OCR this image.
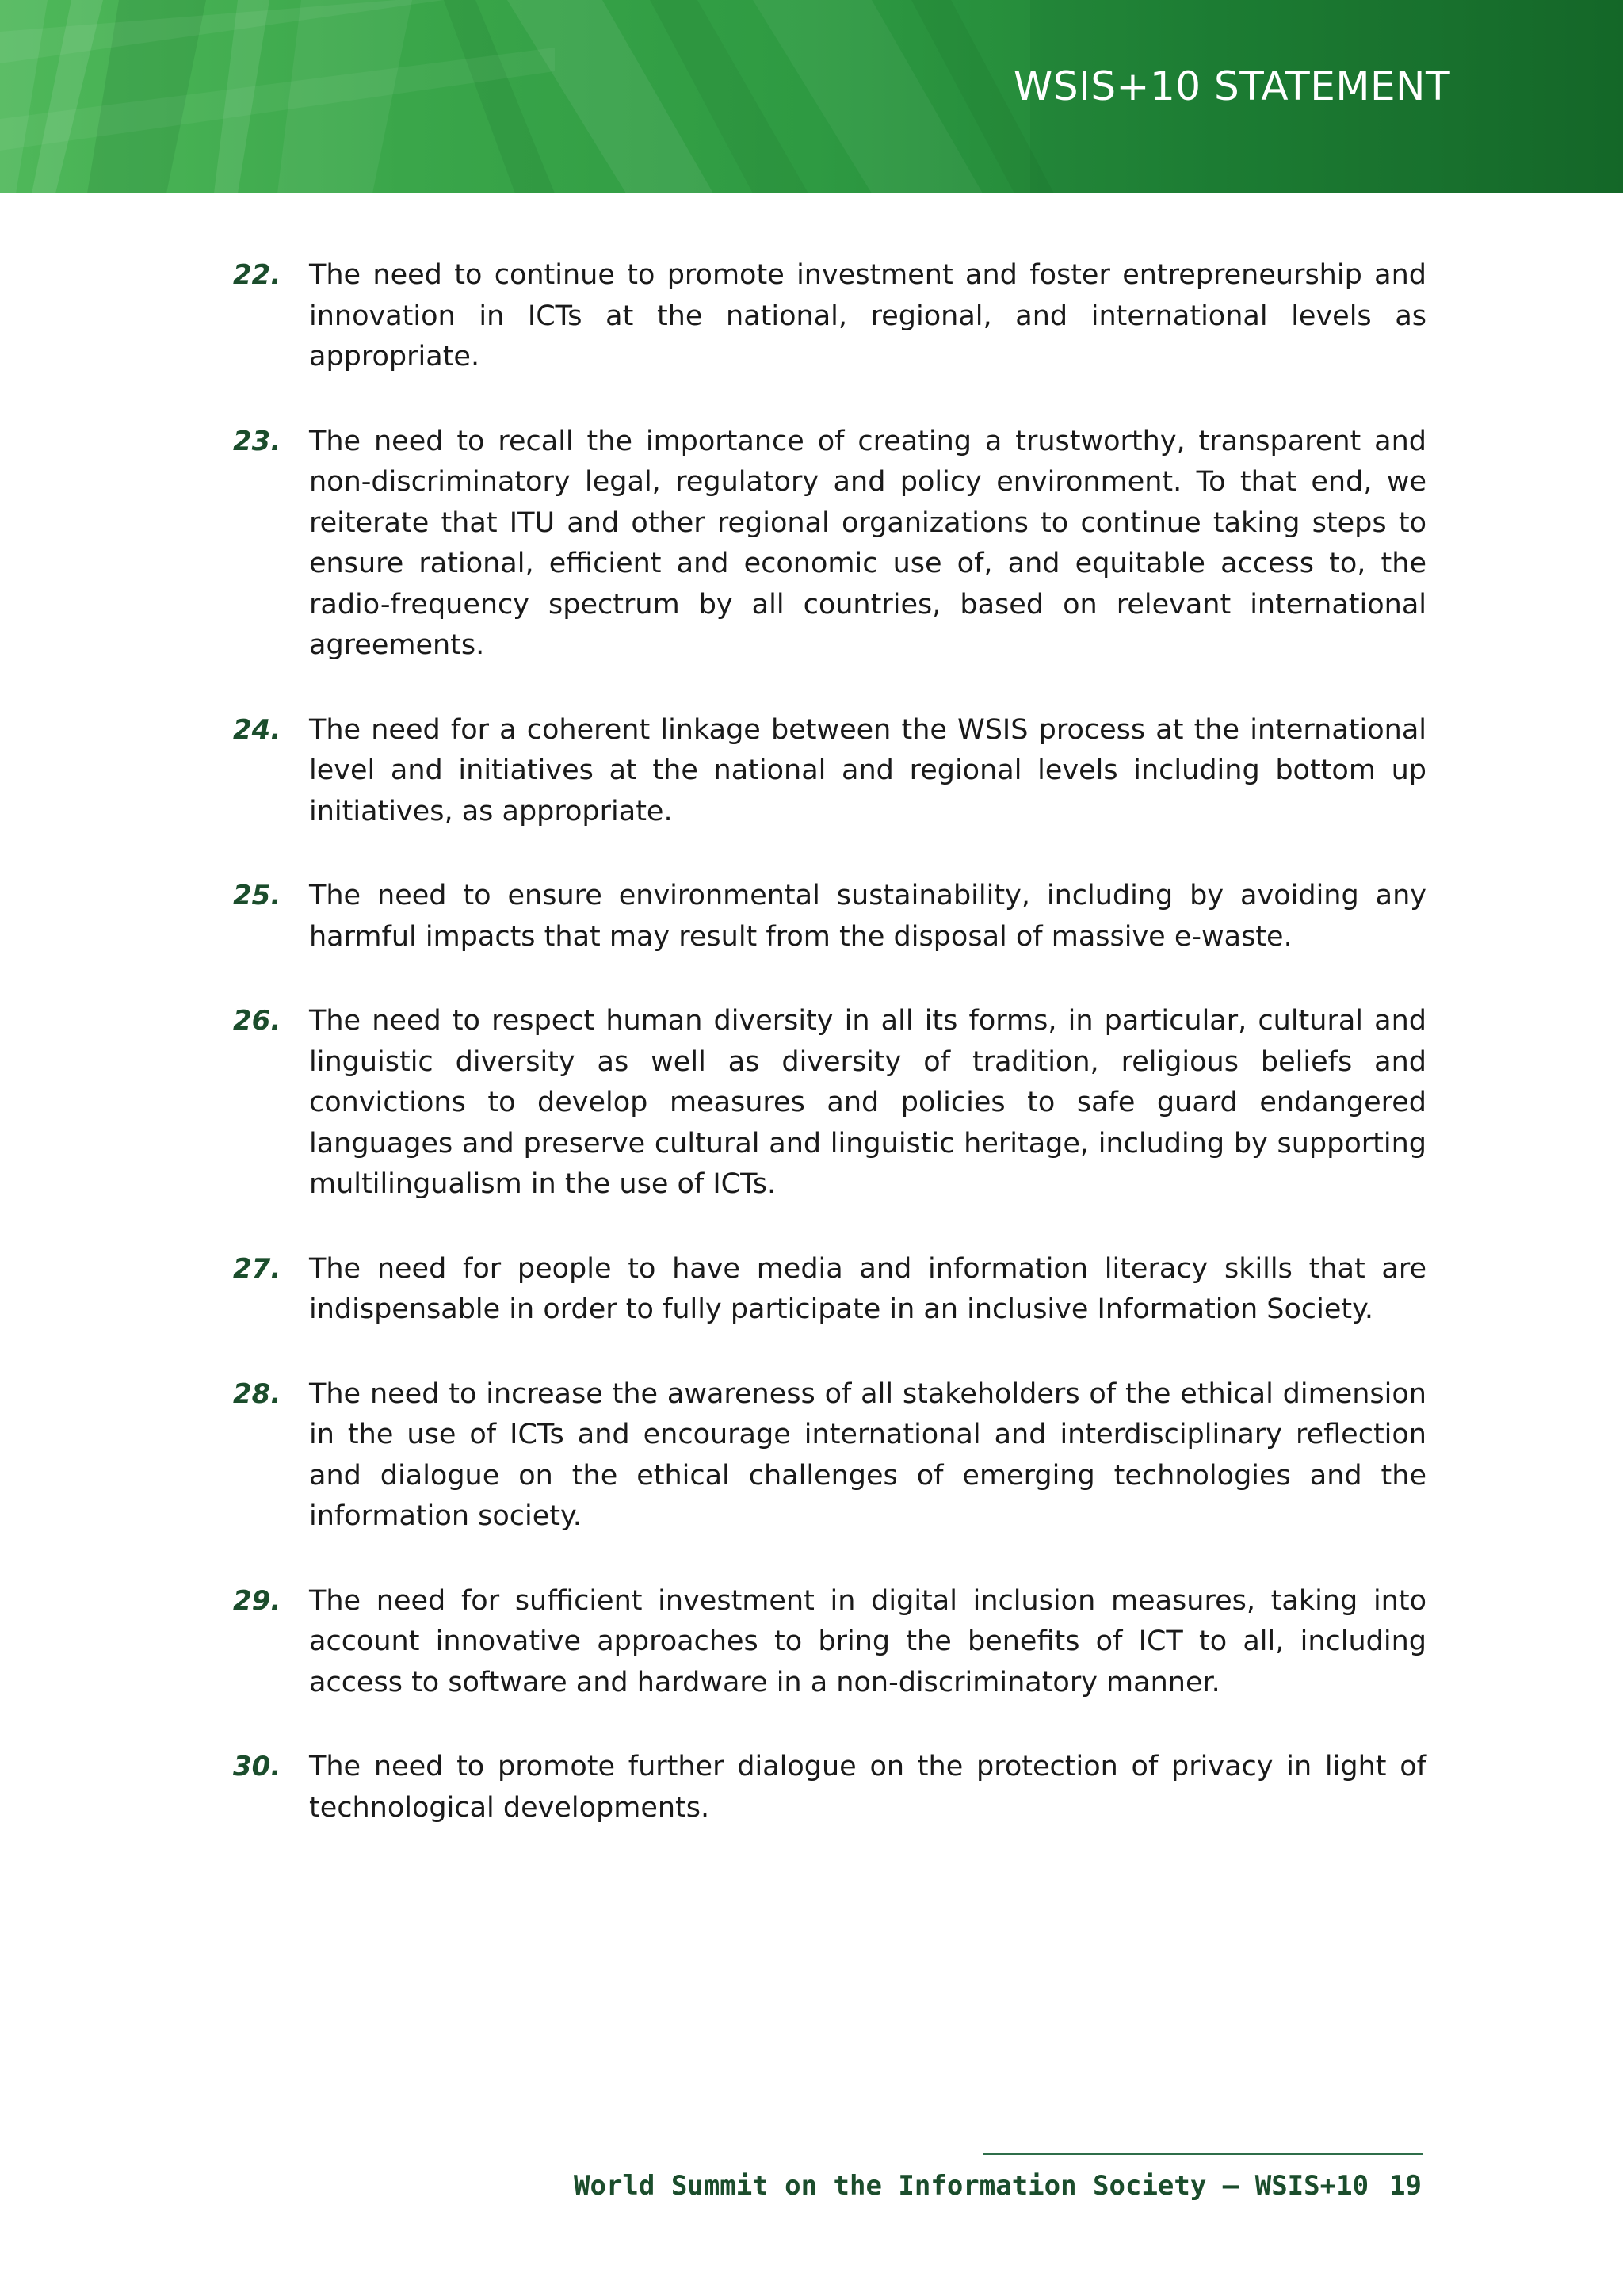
WSIS+10 STATEMENT
22.	The need to continue to promote investment and foster entrepreneurship and innovation in ICTs at the national, regional, and international levels as appropriate.

23.	The need to recall the importance of creating a trustworthy, transparent and non-discriminatory legal, regulatory and policy environment. To that end, we reiterate that ITU and other regional organizations to continue taking steps to ensure rational, efficient and economic use of, and equitable access to, the radio-frequency spectrum by all countries, based on relevant international agreements.

24.	The need for a coherent linkage between the WSIS process at the international level and initiatives at the national and regional levels including bottom up initiatives, as appropriate.

25.	The need to ensure environmental sustainability, including by avoiding any harmful impacts that may result from the disposal of massive e-waste.

26.	The need to respect human diversity in all its forms, in particular, cultural and linguistic diversity as well as diversity of tradition, religious beliefs and convictions to develop measures and policies to safe guard endangered languages and preserve cultural and linguistic heritage, including by supporting multilingualism in the use of ICTs.

27.	The need for people to have media and information literacy skills that are indispensable in order to fully participate in an inclusive Information Society.

28.	The need to increase the awareness of all stakeholders of the ethical dimension in the use of ICTs and encourage international and interdisciplinary reflection and dialogue on the ethical challenges of emerging technologies and the information society.

29.	The need for sufficient investment in digital inclusion measures, taking into account innovative approaches to bring the benefits of ICT to all, including access to software and hardware in a non-discriminatory manner.

30.	The need to promote further dialogue on the protection of privacy in light of technological developments.

World Summit on the Information Society — WSIS+10 19
